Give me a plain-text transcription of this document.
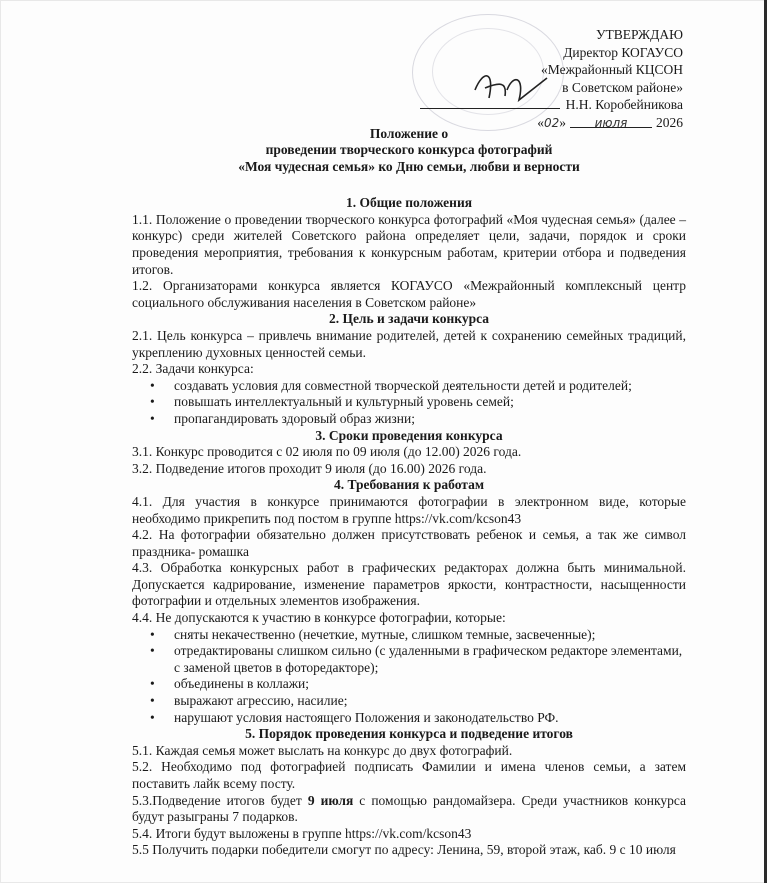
УТВЕРЖДАЮ
Директор КОГАУСО
«Межрайонный КЦСОН
в Советском районе»
Н.Н. Коробейникова
«02» июля 2026
Положение о
проведении творческого конкурса фотографий
«Моя чудесная семья» ко Дню семьи, любви и верности
1. Общие положения

1.1. Положение о проведении творческого конкурса фотографий «Моя чудесная семья» (далее – конкурс) среди жителей Советского района определяет цели, задачи, порядок и сроки проведения мероприятия, требования к конкурсным работам, критерии отбора и подведения итогов.

1.2. Организаторами конкурса является КОГАУСО «Межрайонный комплексный центр социального обслуживания населения в Советском районе»

2. Цель и задачи конкурса

2.1. Цель конкурса – привлечь внимание родителей, детей к сохранению семейных традиций, укреплению духовных ценностей семьи.

2.2. Задачи конкурса:

• создавать условия для совместной творческой деятельности детей и родителей;
• повышать интеллектуальный и культурный уровень семей;
• пропагандировать здоровый образ жизни;
3. Сроки проведения конкурса

3.1. Конкурс проводится с 02 июля по 09 июля (до 12.00) 2026 года.

3.2. Подведение итогов проходит 9 июля (до 16.00) 2026 года.

4. Требования к работам

4.1. Для участия в конкурсе принимаются фотографии в электронном виде, которые необходимо прикрепить под постом в группе https://vk.com/kcson43

4.2. На фотографии обязательно должен присутствовать ребенок и семья, а так же символ праздника- ромашка

4.3. Обработка конкурсных работ в графических редакторах должна быть минимальной. Допускается кадрирование, изменение параметров яркости, контрастности, насыщенности фотографии и отдельных элементов изображения.

4.4. Не допускаются к участию в конкурсе фотографии, которые:

• сняты некачественно (нечеткие, мутные, слишком темные, засвеченные);
• отредактированы слишком сильно (с удаленными в графическом редакторе элементами, с заменой цветов в фоторедакторе);
• объединены в коллажи;
• выражают агрессию, насилие;
• нарушают условия настоящего Положения и законодательство РФ.
5. Порядок проведения конкурса и подведение итогов

5.1. Каждая семья может выслать на конкурс до двух фотографий.

5.2. Необходимо под фотографией подписать Фамилии и имена членов семьи, а затем поставить лайк всему посту.

5.3.Подведение итогов будет 9 июля с помощью рандомайзера. Среди участников конкурса будут разыграны 7 подарков.

5.4. Итоги будут выложены в группе https://vk.com/kcson43

5.5 Получить подарки победители смогут по адресу: Ленина, 59, второй этаж, каб. 9 с 10 июля
